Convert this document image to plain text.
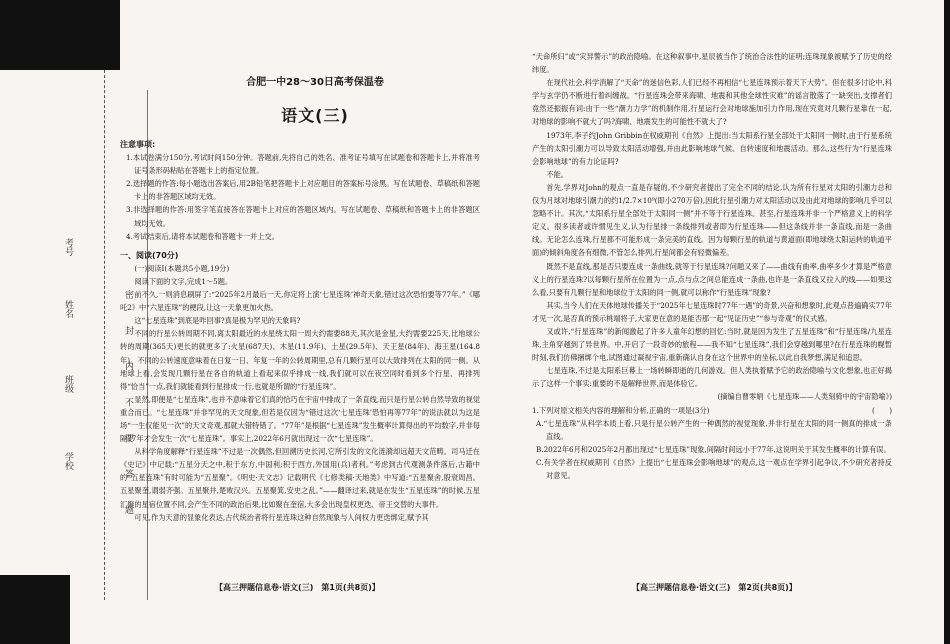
学校
班级
姓名
考号
密 封 内 不 要 答 题
合肥一中28～30日高考保温卷
语文(三)

注意事项:

1.本试卷满分150分,考试时间150分钟。答题前,先将自己的姓名、准考证号填写在试题卷和答题卡上,并将准考证号条形码粘贴在答题卡上的指定位置。

2.选择题的作答:每小题选出答案后,用2B铅笔把答题卡上对应题目的答案标号涂黑。写在试题卷、草稿纸和答题卡上的非答题区域均无效。

3.非选择题的作答:用签字笔直接答在答题卡上对应的答题区域内。写在试题卷、草稿纸和答题卡上的非答题区域均无效。

4.考试结束后,请将本试题卷和答题卡一并上交。

一、阅读(70分)

(一)阅读Ⅰ(本题共5小题,19分)

阅读下面的文字,完成1～5题。

前不久,一则消息刷屏了:“2025年2月最后一天,你定将上演‘七星连珠’神奇天象,错过这次恐怕要等77年。”《哪吒2》中“六星连珠”的梗段,让这一天象更加火热。

这“七星连珠”到底是咋回事?真是极为罕见的天象吗?

不同的行星公转周期不同,离太阳最近的水星绕太阳一周大约需要88天,其次是金星,大约需要225天,比地球公转的周期(365天)更长的就更多了:火星(687天)、木星(11.9年)、土星(29.5年)、天王星(84年)、海王星(164.8年)。不同的公转速度意味着在日复一日、年复一年的公转周期里,总有几颗行星可以大致排列在太阳的同一侧。从地球上看,会发现几颗行星在各自的轨道上看起来似乎排成一线,我们就可以在夜空同时看到多个行星、再排列得“恰当”一点,我们就能看到行星排成一行,也就是所谓的“行星连珠”。

显然,即便是“七星连珠”,也并不意味着它们真的恰巧在宇宙中排成了一条直线,而只是行星公转自然导致的视觉重合而已。“七星连珠”并非罕见的天文现象,但若是仅因为“错过这次‘七星连珠’恐怕再等77年”的说法就以为这是场“一生仅能见一次”的天文奇观,那就大错特错了。“77年”是根据“七星连珠”发生概率计算得出的平均数字,并非每隔77年才会发生一次“七星连珠”。事实上,2022年6月就出现过一次“七星连珠”。

从科学角度解释“行星连珠”不过是一次偶然,但回溯历史长河,它所引发的文化涟漪却远超天文范畴。司马迁在《史记》中记载:“五星分天之中,积于东方,中国利;积于西方,外国用(兵)者利。”考虑到古代观测条件落后,古籍中的“五星连珠”有时可能为“五星聚”。《明史·天文志》记载明代《七修类稿·天地类》中写道:“五星聚舍,殷衰周昌。五星聚奎,谓弱齐强。五星聚井,楚败汉兴。五星聚箕,安史之乱。”——翻译过来,就是在发生“五星连珠”的时候,五星汇聚的星宿位置不同,会产生不同的政治后果,比如聚在奎宿,大多会出现皇权更迭、帝王交替的大事件。

可见,作为天意的显象化表达,古代统治者将行星连珠这种自然现象与人间权力更迭绑定,赋予其

“天命所归”或“灾异警示”的政治隐喻。在这种叙事中,星辰被当作了统治合法性的证明;连珠现象被赋予了历史的经纬度。

在现代社会,科学消解了“天命”的迷信色彩,人们已经不再相信“七星连珠预示着天下大势”。但在很多讨论中,科学与玄学仍不断进行着纠缠战。“行星连珠会带来海啸、地震和其他全球性灾难”的谣言散落了一缺突出,支撑者们竟然还振振有词:由于一些“潮力力学”的机制作用,行星运行会对地球施加引力作用,现在究竟对几颗行星靠在一起,对地球的影响不就大了吗?海啸、地震发生的可能性不就大了?

1973年,李子约John Gribbin在权威期刊《自然》上提出:当太阳系行星全部处于太阳同一侧时,由于行星系统产生的太阳引潮力可以导致太阳活动增强,并由此影响地球气候、自转速度和地震活动。那么,这些行为“行星连珠会影响地球”的有力论证吗?

不能。

首先,学界对John的观点一直是存疑的,不少研究者提出了完全不同的结论,认为所有行星对太阳的引潮力总和仅为月球对地球引潮力的约1/2.7×10⁹(即小270万倍),因此行星引潮力对太阳活动以及由此对地球的影响几乎可以忽略不计。其次,“太阳系行星全部处于太阳同一侧”并不等于行星连珠。甚至,行星连珠并非一个严格意义上的科学定义。很多读者或许惯见生义,认为行星排一条线排列或者即为行星连珠——但这条线并非一条直线,而是一条曲线。无论怎么连珠,行星都不可能形成一条完美的直线。因为每颗行星的轨道与黄道面(即地球绕太阳运转的轨道平面)的倾斜角度各有细微,不管怎么排列,行星间都会有轻微偏差。

既然不是直线,那是否只要连成一条曲线,就等于行星连珠?问题又来了——曲线有曲率,曲率多少才算是严格意义上的行星连珠?以每颗行星所在位置为一点,点与点之间总能连成一条曲,也许是一条直线又拉入的线——如果这么看,只要有几颗行星和地球位于太阳的同一侧,就可以称作“行星连珠”现象?

其实,当今人们在天体地球传播关于“2025年七星连珠时77年一遇”的奇景,兴奋和想象时,此观点普遍确实77年才见一次,是否真的预示桃端将子,大家更在意的是能否那一起“见证历史”“参与奇观”的仪式感。

又或许,“行星连珠”的新闻激起了许多人童年幻想的回忆:当时,就是因为发生了五星连珠”和“行星连珠/九星连珠,主角穿越到了异世界。中,开启了一段奇妙的旅程——我不知“七星连珠”,我们会穿越到哪里?在行星连珠的幌暂时刻,我们仿佛捆绑个电,试图通过凝视宇宙,重新确认自身在这个世界中的坐标,以此自我梦想,满足和追思。

七星连珠,不过是太阳系巨幕上一场转瞬即逝的几何游戏。但人类执着赋予它的政治隐喻与文化想象,也正好揭示了这样一个事实:重要的不是解释世界,而是体验它。

(摘编自曹零娟《七星连珠——人类刻骑中的宇宙隐喻》)

1.下列对原文相关内容的理解和分析,正确的一项是(3分)	(　　)

A.“七星连珠”从科学本质上看,只是行星公转产生的一种偶然的视觉现象,并非行星在太阳的同一侧真的排成一条直线。

B.2022年6月和2025年2月都出现过“七星连珠”现象,间隔时间远小于77年,这说明关于其发生概率的计算有误。

C.有关学者在权威期刊《自然》上提出“七星连珠会影响地球”的观点,这一观点在学界引起争议,不少研究者持反对意见。

【高三押题信息卷·语文(三)　第1页(共8页)】	【高三押题信息卷·语文(三)　第2页(共8页)】
